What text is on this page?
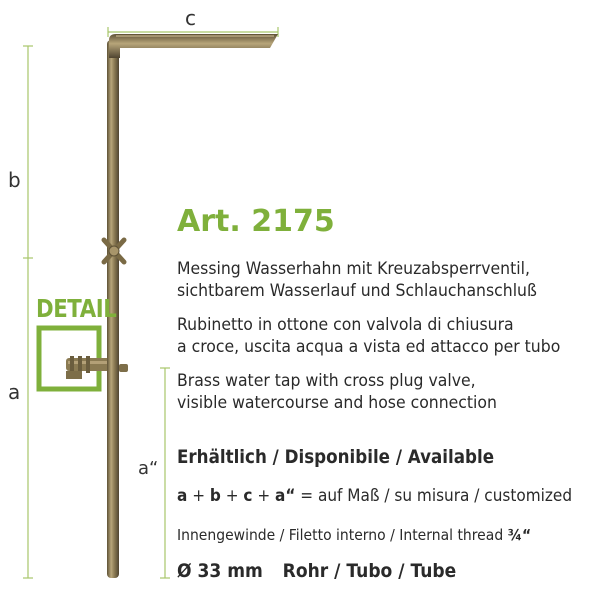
c
b
a
a“
DETAIL
Art. 2175
Messing Wasserhahn mit Kreuzabsperrventil,
sichtbarem Wasserlauf und Schlauchanschluß
Rubinetto in ottone con valvola di chiusura
a croce, uscita acqua a vista ed attacco per tubo
Brass water tap with cross plug valve,
visible watercourse and hose connection
Erhältlich / Disponibile / Available
a + b + c + a“ = auf Maß / su misura / customized
Innengewinde / Filetto interno / Internal thread ¾“
Ø 33 mm Rohr / Tubo / Tube
